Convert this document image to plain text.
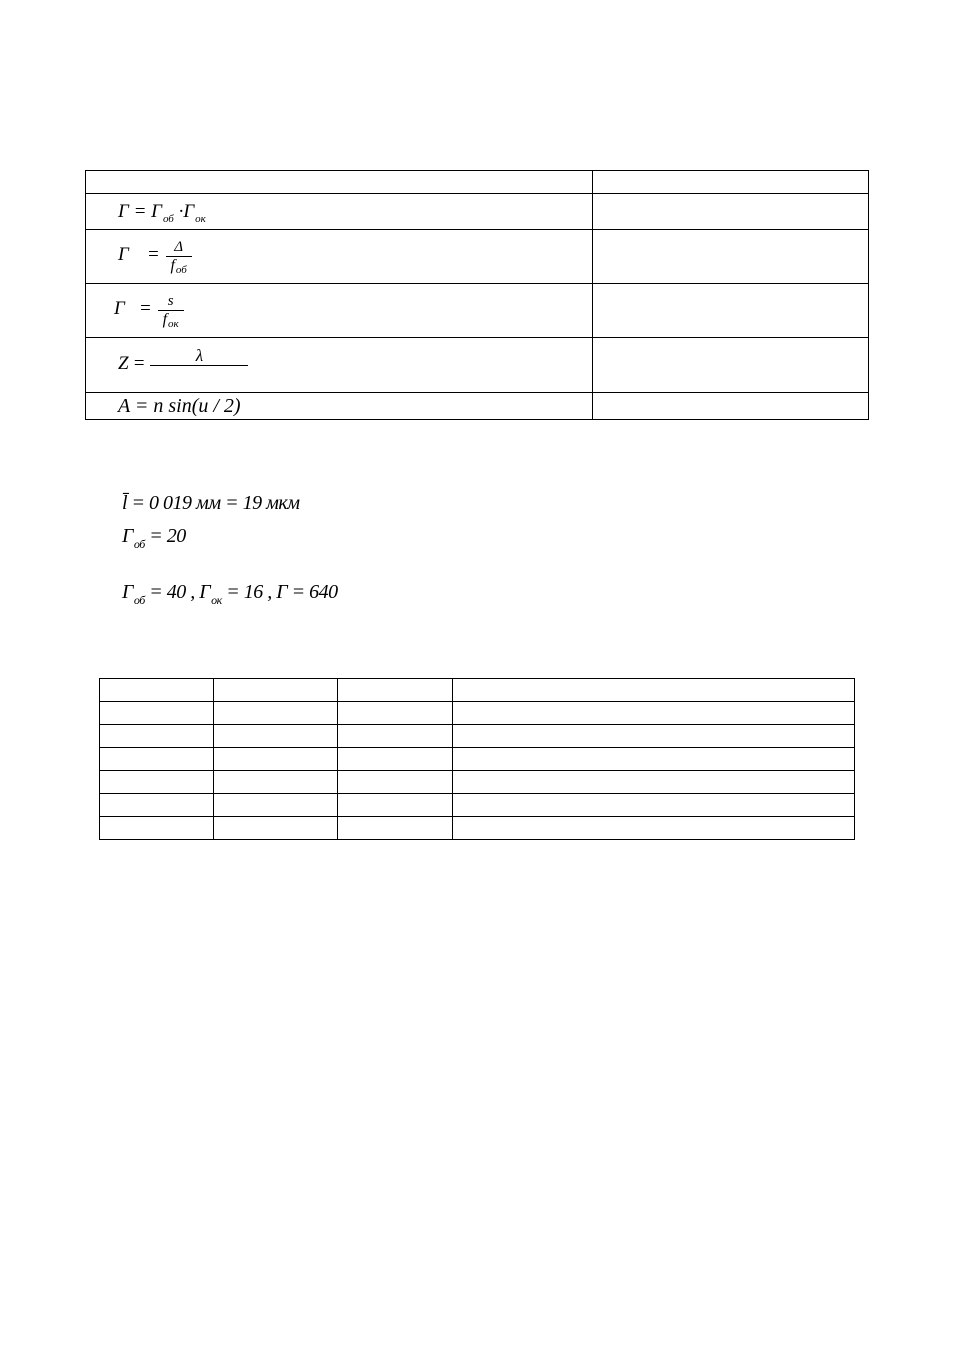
$\Gamma = \Gamma_{об} \cdot\Gamma_{ок}$	
$\Gamma = \frac{\Delta}{\text{fоб}}$

$\Gamma = \frac{s}{\text{fок}}$

Z = λ	

A = n sin(u / 2)	
l̄ = 0 019 мм = 19 мкм
$\Gamma_{об} = 20$
$\Gamma_{об} = 40$ , $\Gamma_{ок} = 16$ , Γ = 640
